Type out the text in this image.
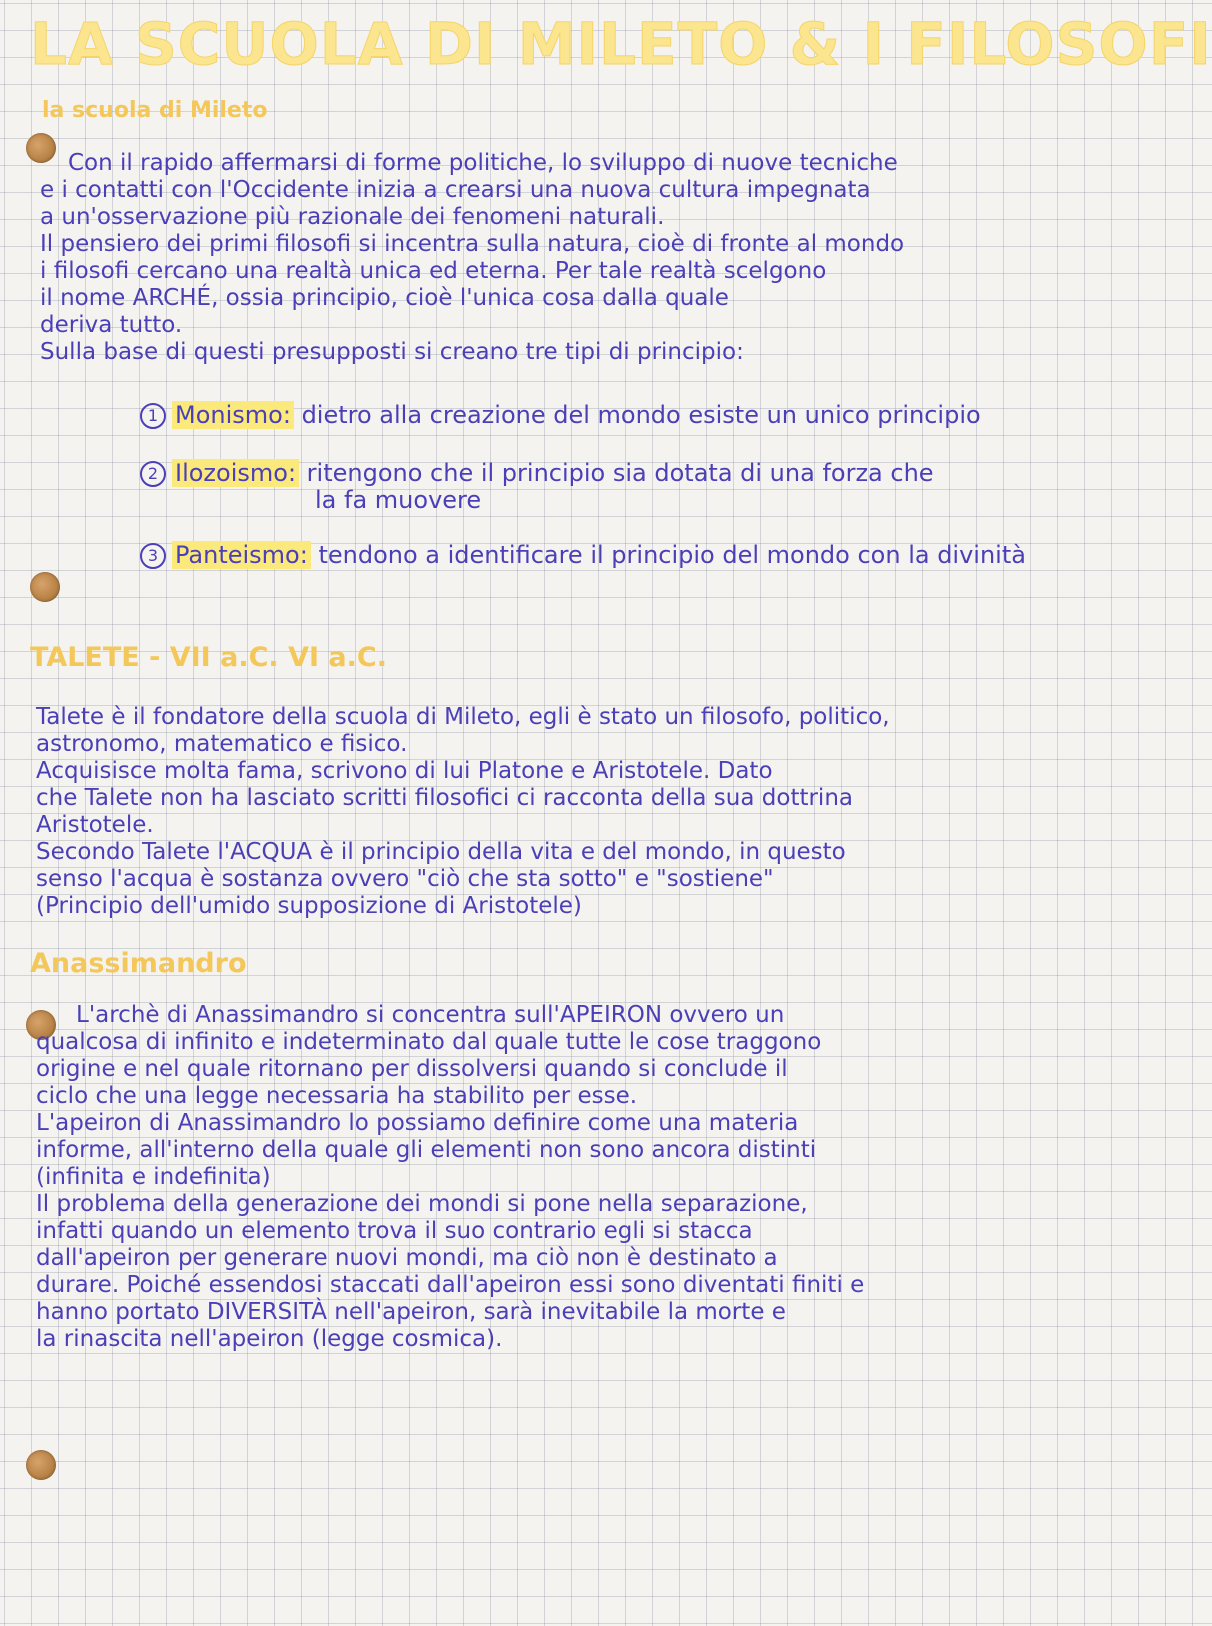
LA SCUOLA DI MILETO & I FILOSOFI
la scuola di Mileto
Con il rapido affermarsi di forme politiche, lo sviluppo di nuove tecniche
e i contatti con l'Occidente inizia a crearsi una nuova cultura impegnata
a un'osservazione più razionale dei fenomeni naturali.
Il pensiero dei primi filosofi si incentra sulla natura, cioè di fronte al mondo
i filosofi cercano una realtà unica ed eterna. Per tale realtà scelgono
il nome ARCHÉ, ossia principio, cioè l'unica cosa dalla quale
deriva tutto.
Sulla base di questi presupposti si creano tre tipi di principio:
1 Monismo: dietro alla creazione del mondo esiste un unico principio
2 Ilozoismo: ritengono che il principio sia dotata di una forza che
la fa muovere
3 Panteismo: tendono a identificare il principio del mondo con la divinità
TALETE - VII a.C. VI a.C.
Talete è il fondatore della scuola di Mileto, egli è stato un filosofo, politico,
astronomo, matematico e fisico.
Acquisisce molta fama, scrivono di lui Platone e Aristotele. Dato
che Talete non ha lasciato scritti filosofici ci racconta della sua dottrina
Aristotele.
Secondo Talete l'ACQUA è il principio della vita e del mondo, in questo
senso l'acqua è sostanza ovvero "ciò che sta sotto" e "sostiene"
(Principio dell'umido supposizione di Aristotele)
Anassimandro
L'archè di Anassimandro si concentra sull'APEIRON ovvero un
qualcosa di infinito e indeterminato dal quale tutte le cose traggono
origine e nel quale ritornano per dissolversi quando si conclude il
ciclo che una legge necessaria ha stabilito per esse.
L'apeiron di Anassimandro lo possiamo definire come una materia
informe, all'interno della quale gli elementi non sono ancora distinti
(infinita e indefinita)
Il problema della generazione dei mondi si pone nella separazione,
infatti quando un elemento trova il suo contrario egli si stacca
dall'apeiron per generare nuovi mondi, ma ciò non è destinato a
durare. Poiché essendosi staccati dall'apeiron essi sono diventati finiti e
hanno portato DIVERSITÀ nell'apeiron, sarà inevitabile la morte e
la rinascita nell'apeiron (legge cosmica).
